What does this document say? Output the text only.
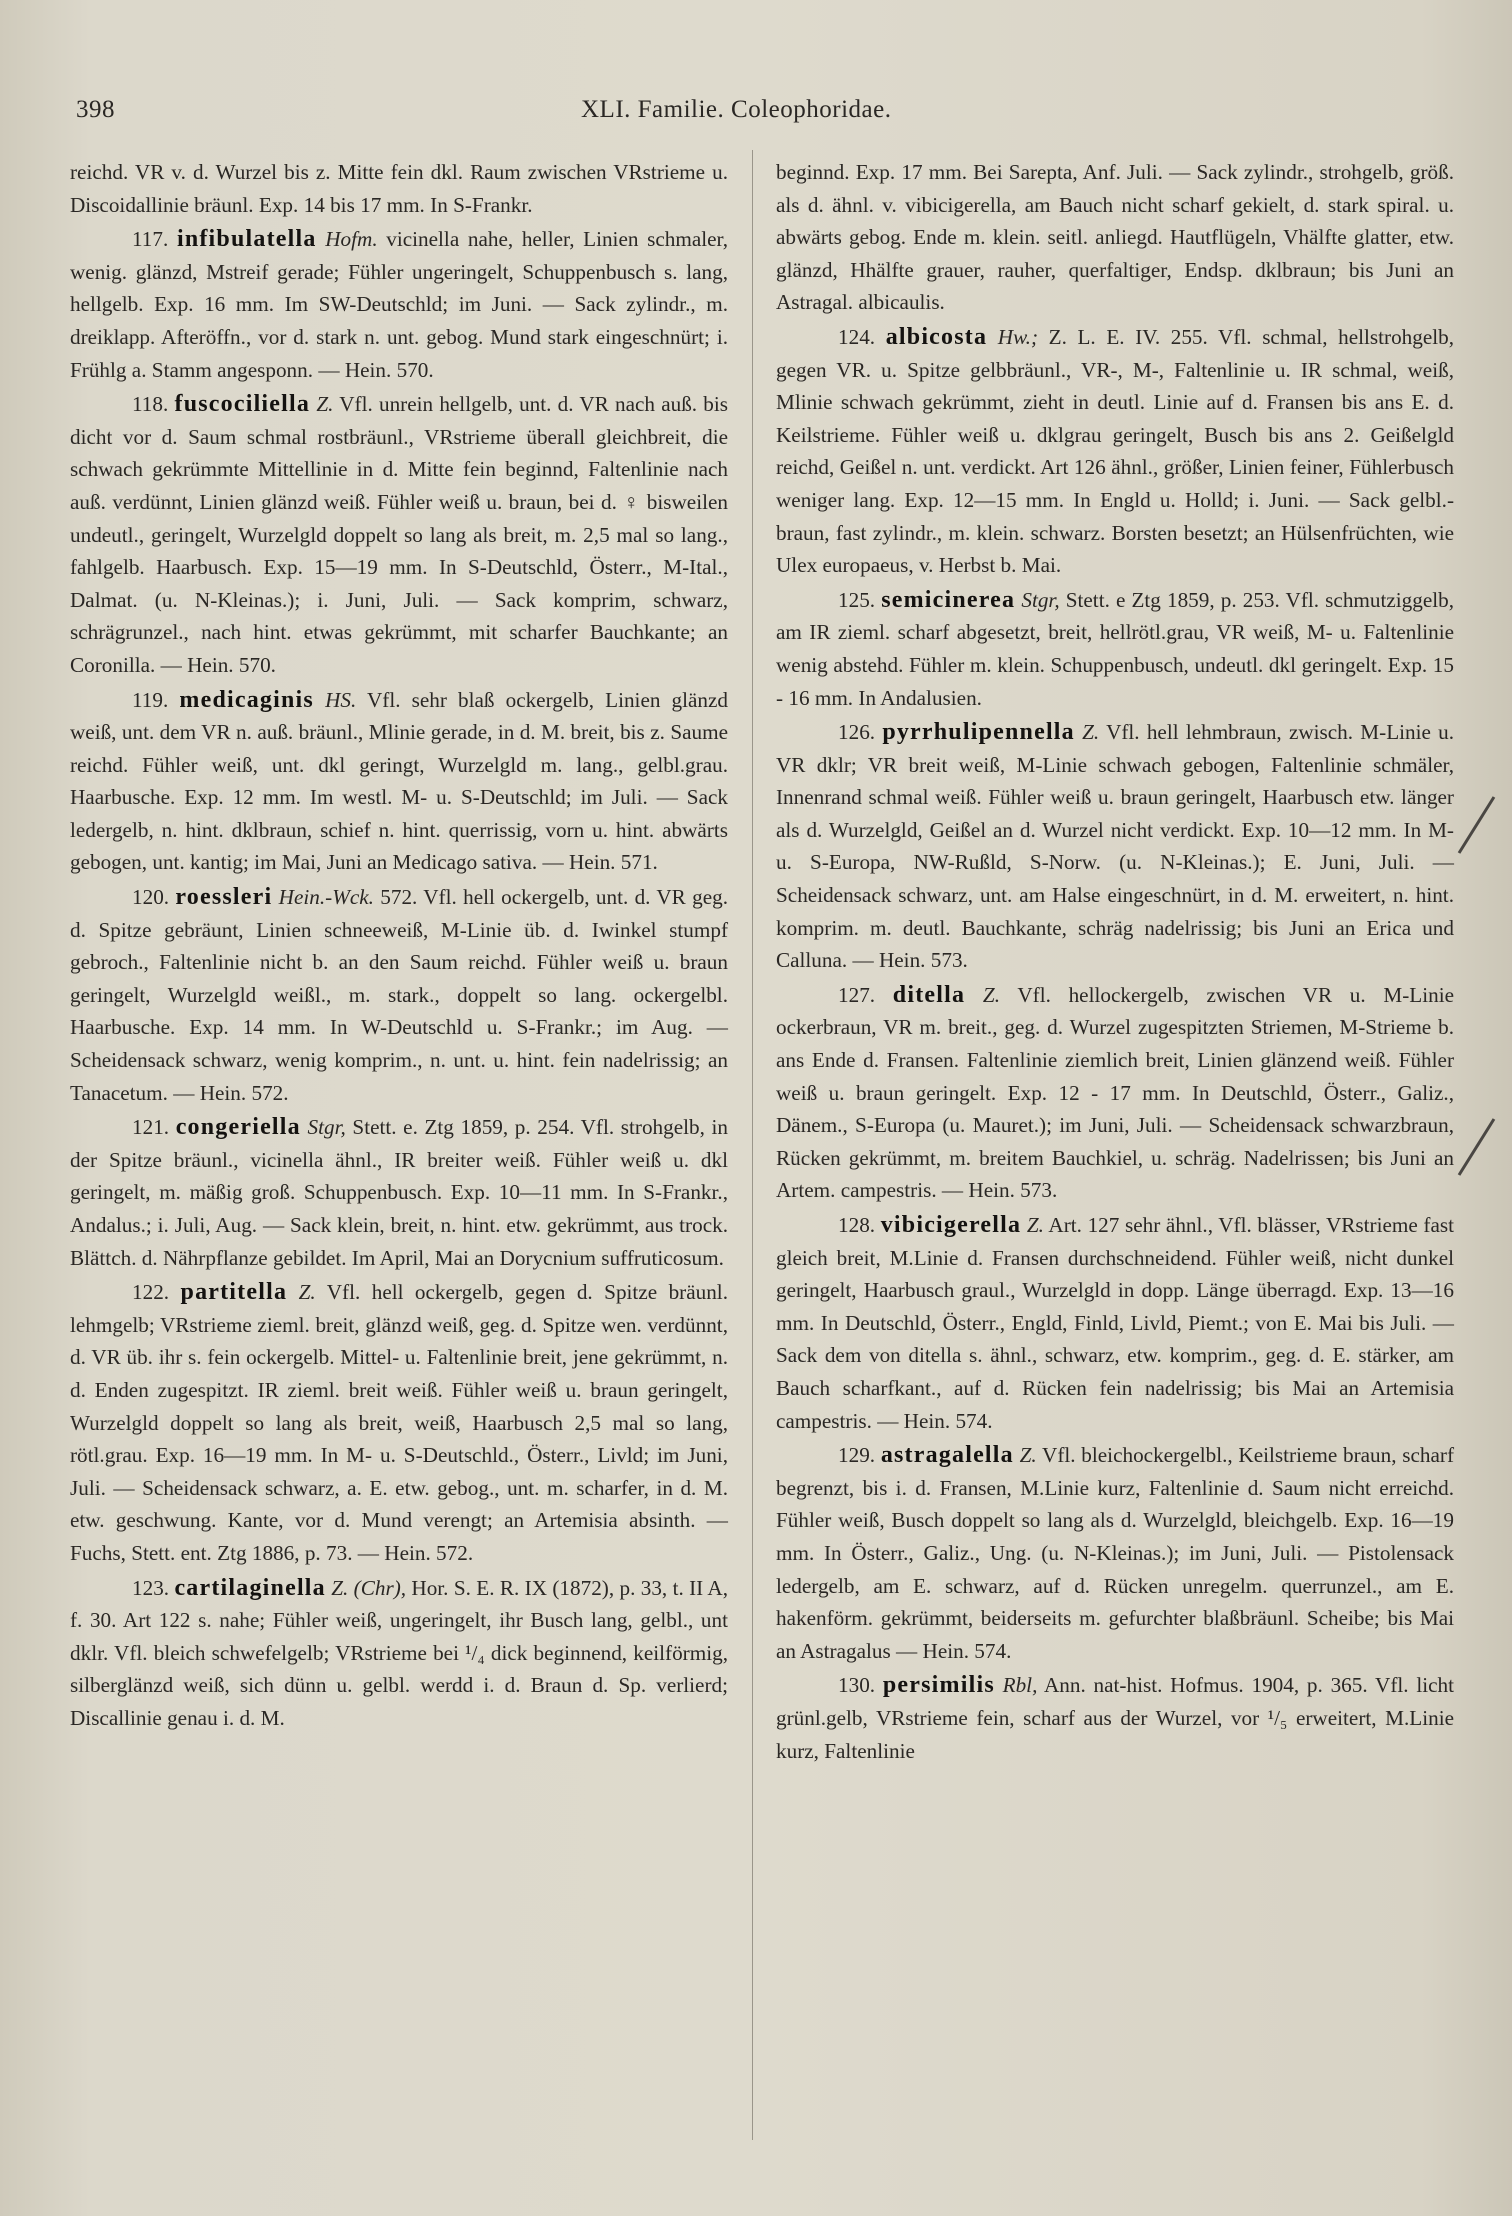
398	XLI. Familie. Coleophoridae.

reichd. VR v. d. Wurzel bis z. Mitte fein dkl. Raum zwischen VRstrieme u. Discoidallinie bräunl. Exp. 14 bis 17 mm. In S-Frankr.

117. infibulatella Hofm. vicinella nahe, heller, Linien schmaler, wenig. glänzd, Mstreif gerade; Fühler ungeringelt, Schuppenbusch s. lang, hellgelb. Exp. 16 mm. Im SW-Deutschld; im Juni. — Sack zylindr., m. dreiklapp. Afteröffn., vor d. stark n. unt. gebog. Mund stark eingeschnürt; i. Frühlg a. Stamm angesponn. — Hein. 570.

118. fuscociliella Z. Vfl. unrein hellgelb, unt. d. VR nach auß. bis dicht vor d. Saum schmal rostbräunl., VRstrieme überall gleichbreit, die schwach gekrümmte Mittellinie in d. Mitte fein beginnd, Faltenlinie nach auß. verdünnt, Linien glänzd weiß. Fühler weiß u. braun, bei d. ♀ bisweilen undeutl., geringelt, Wurzelgld doppelt so lang als breit, m. 2,5 mal so lang., fahlgelb. Haarbusch. Exp. 15—19 mm. In S-Deutschld, Österr., M-Ital., Dalmat. (u. N-Kleinas.); i. Juni, Juli. — Sack komprim, schwarz, schrägrunzel., nach hint. etwas gekrümmt, mit scharfer Bauchkante; an Coronilla. — Hein. 570.

119. medicaginis HS. Vfl. sehr blaß ockergelb, Linien glänzd weiß, unt. dem VR n. auß. bräunl., Mlinie gerade, in d. M. breit, bis z. Saume reichd. Fühler weiß, unt. dkl geringt, Wurzelgld m. lang., gelbl.grau. Haarbusche. Exp. 12 mm. Im westl. M- u. S-Deutschld; im Juli. — Sack ledergelb, n. hint. dklbraun, schief n. hint. querrissig, vorn u. hint. abwärts gebogen, unt. kantig; im Mai, Juni an Medicago sativa. — Hein. 571.

120. roessleri Hein.-Wck. 572. Vfl. hell ockergelb, unt. d. VR geg. d. Spitze gebräunt, Linien schneeweiß, M-Linie üb. d. Iwinkel stumpf gebroch., Faltenlinie nicht b. an den Saum reichd. Fühler weiß u. braun geringelt, Wurzelgld weißl., m. stark., doppelt so lang. ockergelbl. Haarbusche. Exp. 14 mm. In W-Deutschld u. S-Frankr.; im Aug. — Scheidensack schwarz, wenig komprim., n. unt. u. hint. fein nadelrissig; an Tanacetum. — Hein. 572.

121. congeriella Stgr, Stett. e. Ztg 1859, p. 254. Vfl. strohgelb, in der Spitze bräunl., vicinella ähnl., IR breiter weiß. Fühler weiß u. dkl geringelt, m. mäßig groß. Schuppenbusch. Exp. 10—11 mm. In S-Frankr., Andalus.; i. Juli, Aug. — Sack klein, breit, n. hint. etw. gekrümmt, aus trock. Blättch. d. Nährpflanze gebildet. Im April, Mai an Dorycnium suffruticosum.

122. partitella Z. Vfl. hell ockergelb, gegen d. Spitze bräunl. lehmgelb; VRstrieme zieml. breit, glänzd weiß, geg. d. Spitze wen. verdünnt, d. VR üb. ihr s. fein ockergelb. Mittel- u. Faltenlinie breit, jene gekrümmt, n. d. Enden zugespitzt. IR zieml. breit weiß. Fühler weiß u. braun geringelt, Wurzelgld doppelt so lang als breit, weiß, Haarbusch 2,5 mal so lang, rötl.grau. Exp. 16—19 mm. In M- u. S-Deutschld., Österr., Livld; im Juni, Juli. — Scheidensack schwarz, a. E. etw. gebog., unt. m. scharfer, in d. M. etw. geschwung. Kante, vor d. Mund verengt; an Artemisia absinth. — Fuchs, Stett. ent. Ztg 1886, p. 73. — Hein. 572.

123. cartilaginella Z. (Chr), Hor. S. E. R. IX (1872), p. 33, t. II A, f. 30. Art 122 s. nahe; Fühler weiß, ungeringelt, ihr Busch lang, gelbl., unt dklr. Vfl. bleich schwefelgelb; VRstrieme bei ¹/₄ dick beginnend, keilförmig, silberglänzd weiß, sich dünn u. gelbl. werdd i. d. Braun d. Sp. verlierd; Discallinie genau i. d. M.

beginnd. Exp. 17 mm. Bei Sarepta, Anf. Juli. — Sack zylindr., strohgelb, größ. als d. ähnl. v. vibicigerella, am Bauch nicht scharf gekielt, d. stark spiral. u. abwärts gebog. Ende m. klein. seitl. anliegd. Hautflügeln, Vhälfte glatter, etw. glänzd, Hhälfte grauer, rauher, querfaltiger, Endsp. dklbraun; bis Juni an Astragal. albicaulis.

124. albicosta Hw.; Z. L. E. IV. 255. Vfl. schmal, hellstrohgelb, gegen VR. u. Spitze gelbbräunl., VR-, M-, Faltenlinie u. IR schmal, weiß, Mlinie schwach gekrümmt, zieht in deutl. Linie auf d. Fransen bis ans E. d. Keilstrieme. Fühler weiß u. dklgrau geringelt, Busch bis ans 2. Geißelgld reichd, Geißel n. unt. verdickt. Art 126 ähnl., größer, Linien feiner, Fühlerbusch weniger lang. Exp. 12—15 mm. In Engld u. Holld; i. Juni. — Sack gelbl.-braun, fast zylindr., m. klein. schwarz. Borsten besetzt; an Hülsenfrüchten, wie Ulex europaeus, v. Herbst b. Mai.

125. semicinerea Stgr, Stett. e Ztg 1859, p. 253. Vfl. schmutziggelb, am IR zieml. scharf abgesetzt, breit, hellrötl.grau, VR weiß, M- u. Faltenlinie wenig abstehd. Fühler m. klein. Schuppenbusch, undeutl. dkl geringelt. Exp. 15 - 16 mm. In Andalusien.

126. pyrrhulipennella Z. Vfl. hell lehmbraun, zwisch. M-Linie u. VR dklr; VR breit weiß, M-Linie schwach gebogen, Faltenlinie schmäler, Innenrand schmal weiß. Fühler weiß u. braun geringelt, Haarbusch etw. länger als d. Wurzelgld, Geißel an d. Wurzel nicht verdickt. Exp. 10—12 mm. In M- u. S-Europa, NW-Rußld, S-Norw. (u. N-Kleinas.); E. Juni, Juli. — Scheidensack schwarz, unt. am Halse eingeschnürt, in d. M. erweitert, n. hint. komprim. m. deutl. Bauchkante, schräg nadelrissig; bis Juni an Erica und Calluna. — Hein. 573.

127. ditella Z. Vfl. hellockergelb, zwischen VR u. M-Linie ockerbraun, VR m. breit., geg. d. Wurzel zugespitzten Striemen, M-Strieme b. ans Ende d. Fransen. Faltenlinie ziemlich breit, Linien glänzend weiß. Fühler weiß u. braun geringelt. Exp. 12 - 17 mm. In Deutschld, Österr., Galiz., Dänem., S-Europa (u. Mauret.); im Juni, Juli. — Scheidensack schwarzbraun, Rücken gekrümmt, m. breitem Bauchkiel, u. schräg. Nadelrissen; bis Juni an Artem. campestris. — Hein. 573.

128. vibicigerella Z. Art. 127 sehr ähnl., Vfl. blässer, VRstrieme fast gleich breit, M.Linie d. Fransen durchschneidend. Fühler weiß, nicht dunkel geringelt, Haarbusch graul., Wurzelgld in dopp. Länge überragd. Exp. 13—16 mm. In Deutschld, Österr., Engld, Finld, Livld, Piemt.; von E. Mai bis Juli. — Sack dem von ditella s. ähnl., schwarz, etw. komprim., geg. d. E. stärker, am Bauch scharfkant., auf d. Rücken fein nadelrissig; bis Mai an Artemisia campestris. — Hein. 574.

129. astragalella Z. Vfl. bleichockergelbl., Keilstrieme braun, scharf begrenzt, bis i. d. Fransen, M.Linie kurz, Faltenlinie d. Saum nicht erreichd. Fühler weiß, Busch doppelt so lang als d. Wurzelgld, bleichgelb. Exp. 16—19 mm. In Österr., Galiz., Ung. (u. N-Kleinas.); im Juni, Juli. — Pistolensack ledergelb, am E. schwarz, auf d. Rücken unregelm. querrunzel., am E. hakenförm. gekrümmt, beiderseits m. gefurchter blaßbräunl. Scheibe; bis Mai an Astragalus — Hein. 574.

130. persimilis Rbl, Ann. nat-hist. Hofmus. 1904, p. 365. Vfl. licht grünl.gelb, VRstrieme fein, scharf aus der Wurzel, vor ¹/₅ erweitert, M.Linie kurz, Faltenlinie
